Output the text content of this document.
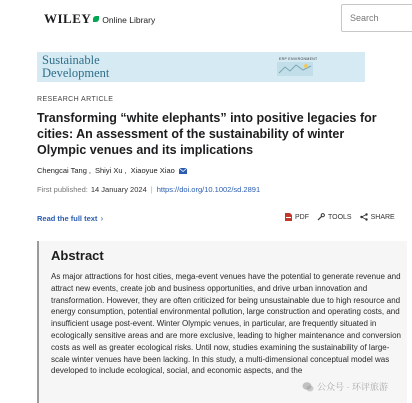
WILEY Online Library
Search
Sustainable
Development
ERP ENVIRONMENT
RESEARCH ARTICLE
Transforming “white elephants” into positive legacies for cities: An assessment of the sustainability of winter Olympic venues and its implications
Chengcai Tang , Shiyi Xu , Xiaoyue Xiao
First published: 14 January 2024 | https://doi.org/10.1002/sd.2891
Read the full text ›	PDF	TOOLS	SHARE
Abstract

As major attractions for host cities, mega-event venues have the potential to generate revenue and attract new events, create job and business opportunities, and drive urban innovation and transformation. However, they are often criticized for being unsustainable due to high resource and energy consumption, potential environmental pollution, large construction and operating costs, and insufficient usage post-event. Winter Olympic venues, in particular, are frequently situated in ecologically sensitive areas and are more exclusive, leading to higher maintenance and conversion costs as well as greater ecological risks. Until now, studies examining the sustainability of large-scale winter venues have been lacking. In this study, a multi-dimensional conceptual model was developed to include ecological, social, and economic aspects, and the

公众号 · 环评旅游
